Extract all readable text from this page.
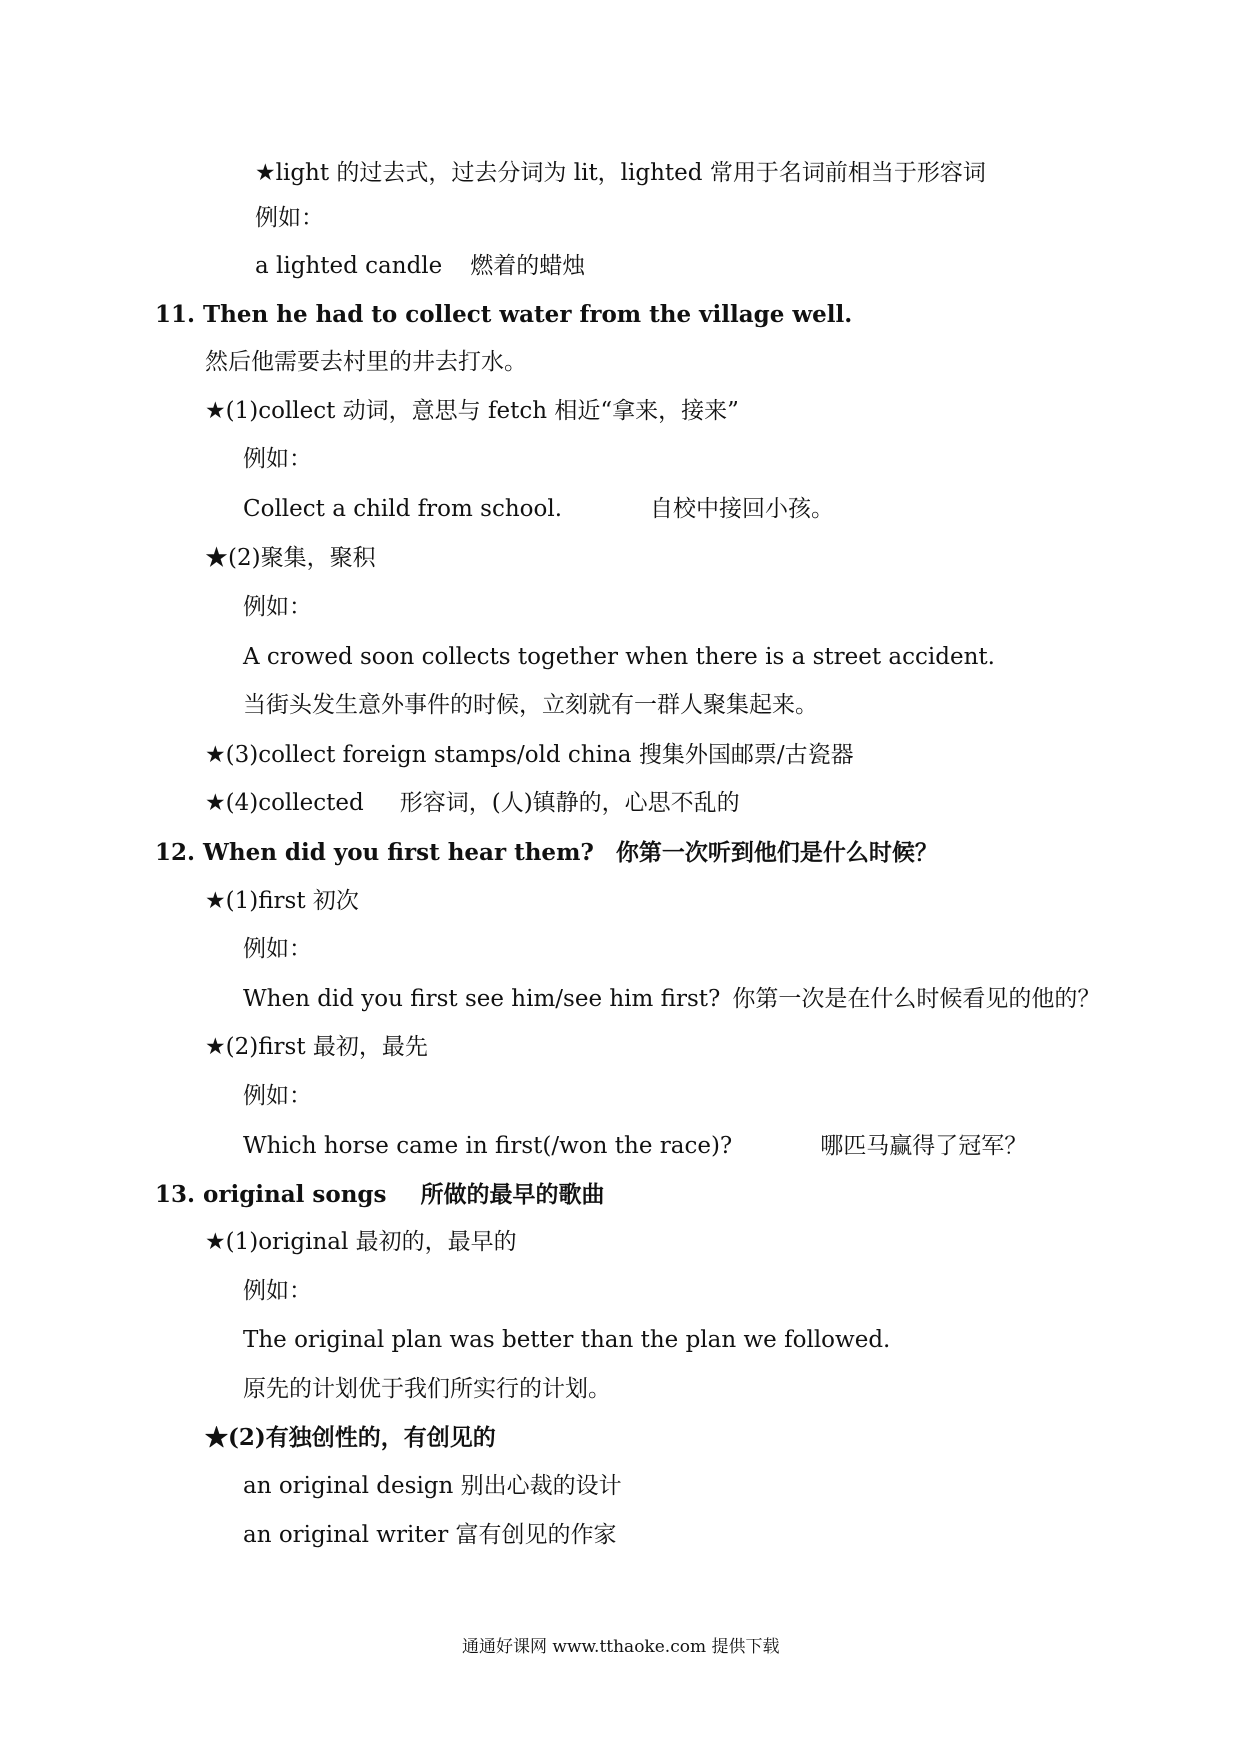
★light 的过去式，过去分词为 lit，lighted 常用于名词前相当于形容词
例如：
a lighted candle 燃着的蜡烛
11. Then he had to collect water from the village well.
然后他需要去村里的井去打水。
★(1)collect 动词，意思与 fetch 相近“拿来，接来”
例如：
Collect a child from school.	自校中接回小孩。
★(2)聚集，聚积
例如：
A crowed soon collects together when there is a street accident.
当街头发生意外事件的时候，立刻就有一群人聚集起来。
★(3)collect foreign stamps/old china 搜集外国邮票/古瓷器
★(4)collected 形容词，(人)镇静的，心思不乱的
12. When did you first hear them? 你第一次听到他们是什么时候？
★(1)first 初次
例如：
When did you first see him/see him first? 你第一次是在什么时候看见的他的？
★(2)first 最初，最先
例如：
Which horse came in first(/won the race)?	哪匹马赢得了冠军？
13. original songs 所做的最早的歌曲
★(1)original 最初的，最早的
例如：
The original plan was better than the plan we followed.
原先的计划优于我们所实行的计划。
★(2)有独创性的，有创见的
an original design 别出心裁的设计
an original writer 富有创见的作家
通通好课网 www.tthaoke.com 提供下载
